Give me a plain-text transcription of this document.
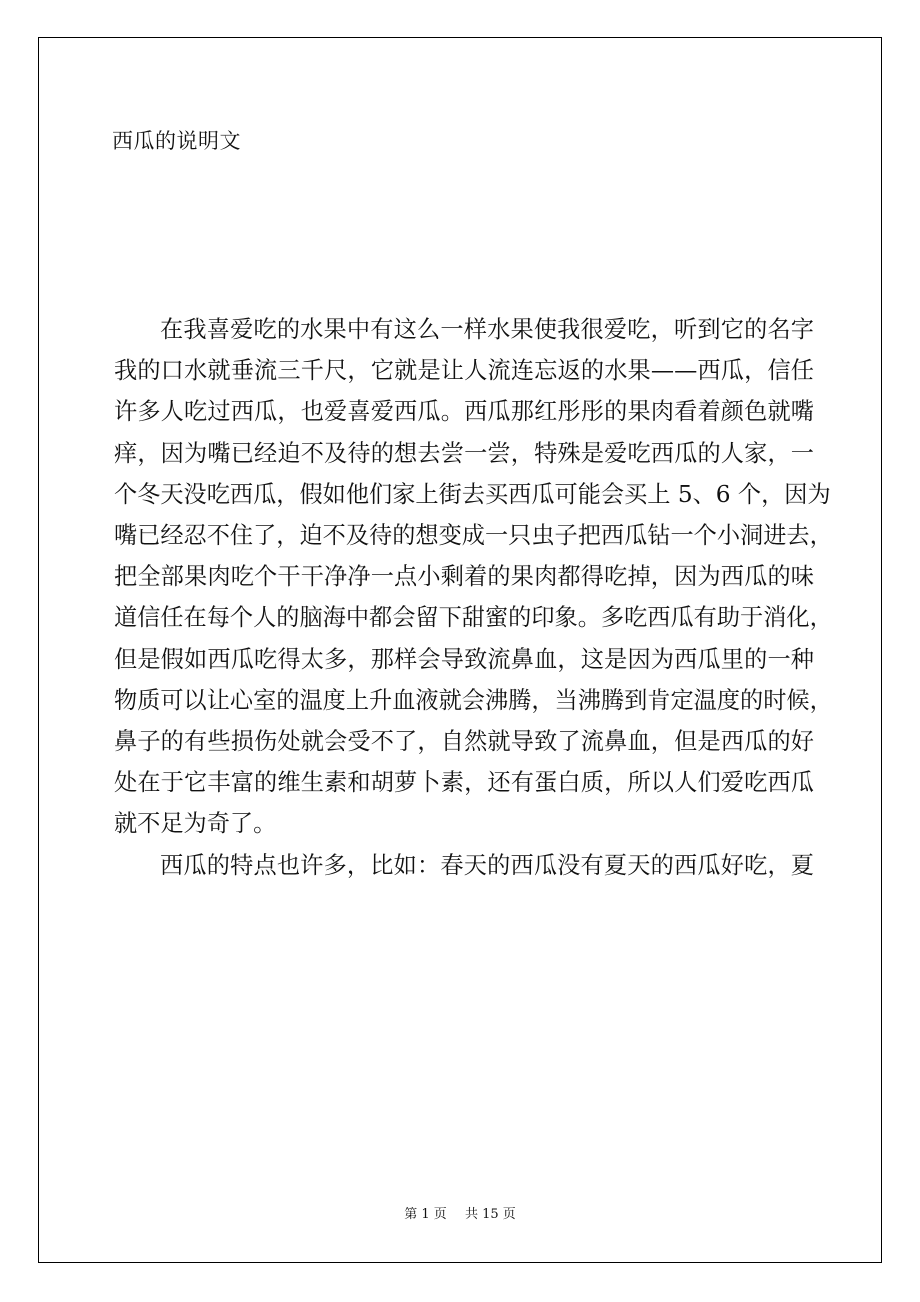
西瓜的说明文

在我喜爱吃的水果中有这么一样水果使我很爱吃，听到它的名字
我的口水就垂流三千尺，它就是让人流连忘返的水果——西瓜，信任
许多人吃过西瓜，也爱喜爱西瓜。西瓜那红彤彤的果肉看着颜色就嘴
痒，因为嘴已经迫不及待的想去尝一尝，特殊是爱吃西瓜的人家，一
个冬天没吃西瓜，假如他们家上街去买西瓜可能会买上 5、6 个，因为
嘴已经忍不住了，迫不及待的想变成一只虫子把西瓜钻一个小洞进去，
把全部果肉吃个干干净净一点小剩着的果肉都得吃掉，因为西瓜的味
道信任在每个人的脑海中都会留下甜蜜的印象。多吃西瓜有助于消化，
但是假如西瓜吃得太多，那样会导致流鼻血，这是因为西瓜里的一种
物质可以让心室的温度上升血液就会沸腾，当沸腾到肯定温度的时候，
鼻子的有些损伤处就会受不了，自然就导致了流鼻血，但是西瓜的好
处在于它丰富的维生素和胡萝卜素，还有蛋白质，所以人们爱吃西瓜
就不足为奇了。

西瓜的特点也许多，比如：春天的西瓜没有夏天的西瓜好吃，夏

第 1 页 共 15 页
